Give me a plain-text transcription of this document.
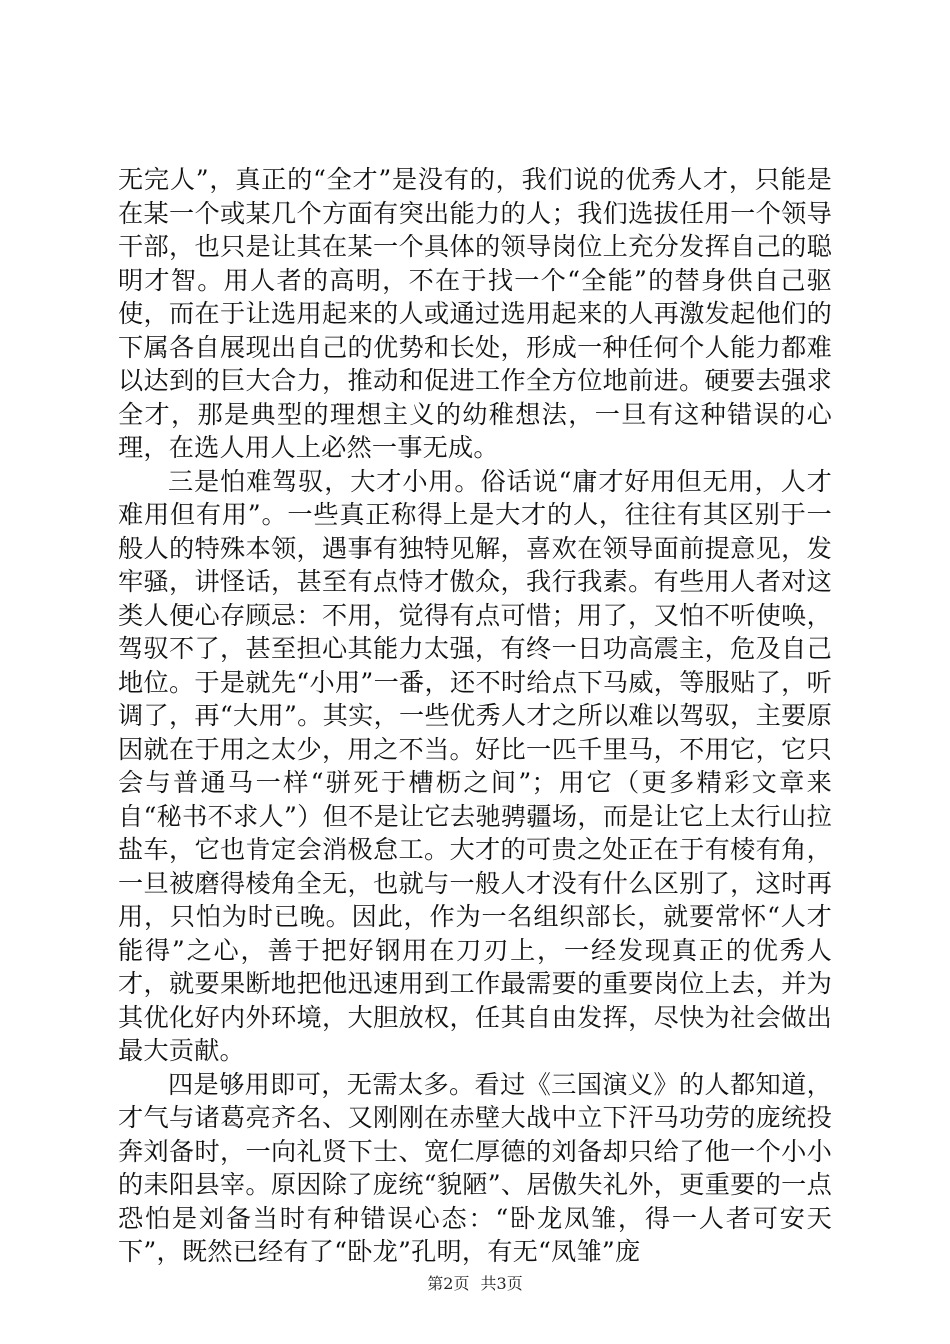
无完人”，真正的“全才”是没有的，我们说的优秀人才，只能是在某一个或某几个方面有突出能力的人；我们选拔任用一个领导干部，也只是让其在某一个具体的领导岗位上充分发挥自己的聪明才智。用人者的高明，不在于找一个“全能”的替身供自己驱使，而在于让选用起来的人或通过选用起来的人再激发起他们的下属各自展现出自己的优势和长处，形成一种任何个人能力都难以达到的巨大合力，推动和促进工作全方位地前进。硬要去强求全才，那是典型的理想主义的幼稚想法，一旦有这种错误的心理，在选人用人上必然一事无成。

三是怕难驾驭，大才小用。俗话说“庸才好用但无用，人才难用但有用”。一些真正称得上是大才的人，往往有其区别于一般人的特殊本领，遇事有独特见解，喜欢在领导面前提意见，发牢骚，讲怪话，甚至有点恃才傲众，我行我素。有些用人者对这类人便心存顾忌：不用，觉得有点可惜；用了，又怕不听使唤，驾驭不了，甚至担心其能力太强，有终一日功高震主，危及自己地位。于是就先“小用”一番，还不时给点下马威，等服贴了，听调了，再“大用”。其实，一些优秀人才之所以难以驾驭，主要原因就在于用之太少，用之不当。好比一匹千里马，不用它，它只会与普通马一样“骈死于槽枥之间”；用它（更多精彩文章来自“秘书不求人”）但不是让它去驰骋疆场，而是让它上太行山拉盐车，它也肯定会消极怠工。大才的可贵之处正在于有棱有角，一旦被磨得棱角全无，也就与一般人才没有什么区别了，这时再用，只怕为时已晚。因此，作为一名组织部长，就要常怀“人才能得”之心，善于把好钢用在刀刃上，一经发现真正的优秀人才，就要果断地把他迅速用到工作最需要的重要岗位上去，并为其优化好内外环境，大胆放权，任其自由发挥，尽快为社会做出最大贡献。

四是够用即可，无需太多。看过《三国演义》的人都知道，才气与诸葛亮齐名、又刚刚在赤壁大战中立下汗马功劳的庞统投奔刘备时，一向礼贤下士、宽仁厚德的刘备却只给了他一个小小的耒阳县宰。原因除了庞统“貌陋”、居傲失礼外，更重要的一点恐怕是刘备当时有种错误心态：“卧龙凤雏，得一人者可安天下”，既然已经有了“卧龙”孔明，有无“凤雏”庞

第2页 共3页
